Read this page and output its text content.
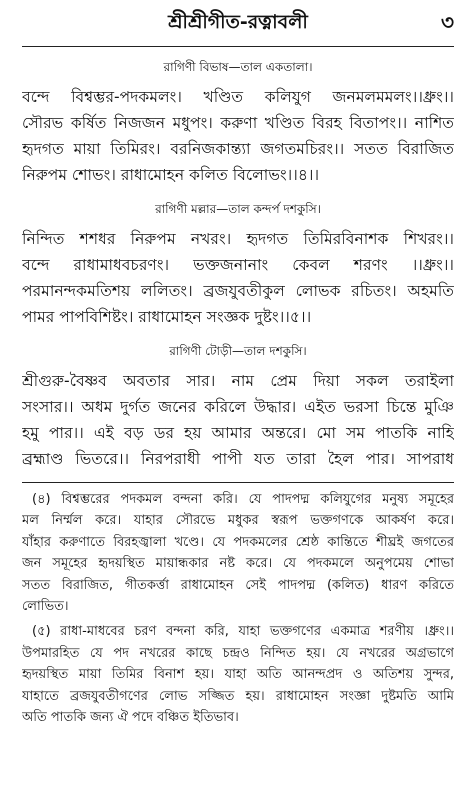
শ্রীশ্রীগীত-রত্নাবলী	৩
রাগিণী বিভাষ—তাল একতালা।
বন্দে বিশ্বম্ভর-পদকমলং। খণ্ডিত কলিযুগ জনমলমমলং।।ধ্রুং।।
সৌরভ কর্ষিত নিজজন মধুপং। করুণা খণ্ডিত বিরহ বিতাপং।। নাশিত
হৃদগত মায়া তিমিরং। বরনিজকান্ত্যা জগতমচিরং।। সতত বিরাজিত
নিরুপম শোভং। রাধামোহন কলিত বিলোভং।।৪।।
রাগিণী মল্লার—তাল কন্দর্প দশকুসি।
নিন্দিত শশধর নিরুপম নখরং। হৃদগত তিমিরবিনাশক শিখরং।।
বন্দে রাধামাধবচরণং। ভক্তজনানাং কেবল শরণং ।।ধ্রুং।।
পরমানন্দকমতিশয় ললিতং। ব্রজযুবতীকুল লোভক রচিতং। অহমতি
পামর পাপবিশিষ্টং। রাধামোহন সংজ্ঞক দুষ্টং।।৫।।
রাগিণী টোড়ী—তাল দশকুসি।
শ্রীগুরু-বৈষ্ণব অবতার সার। নাম প্রেম দিয়া সকল তরাইলা
সংসার।। অধম দুর্গত জনের করিলে উদ্ধার। এইত ভরসা চিন্তে মুঞি
হমু পার।। এই বড় ডর হয় আমার অন্তরে। মো সম পাতকি নাহি
ব্রহ্মাণ্ড ভিতরে।। নিরপরাধী পাপী যত তারা হৈল পার। সাপরাধ
(৪) বিশ্বম্ভরের পদকমল বন্দনা করি। যে পাদপদ্ম কলিযুগের মনুষ্য সমূহের
মল নির্ম্মল করে। যাহার সৌরভে মধুকর স্বরূপ ভক্তগণকে আকর্ষণ করে।
যাঁহার করুণাতে বিরহজ্বালা খণ্ডে। যে পদকমলের শ্রেষ্ঠ কান্তিতে শীঘ্রই জগতের
জন সমূহের হৃদয়স্থিত মায়ান্ধকার নষ্ট করে। যে পদকমলে অনুপমেয় শোভা
সতত বিরাজিত, গীতকর্ত্তা রাধামোহন সেই পাদপদ্ম (কলিত) ধারণ করিতে
লোভিত।
(৫) রাধা-মাধবের চরণ বন্দনা করি, যাহা ভক্তগণের একমাত্র শরণীয় ।ধ্রুং।।
উপমারহিত যে পদ নখরের কাছে চন্দ্রও নিন্দিত হয়। যে নখরের অগ্রভাগে
হৃদয়স্থিত মায়া তিমির বিনাশ হয়। যাহা অতি আনন্দপ্রদ ও অতিশয় সুন্দর,
যাহাতে ব্রজযুবতীগণের লোভ সজ্জিত হয়। রাধামোহন সংজ্ঞা দুষ্টমতি আমি
অতি পাতকি জন্য ঐ পদে বঞ্চিত ইতিভাব।
